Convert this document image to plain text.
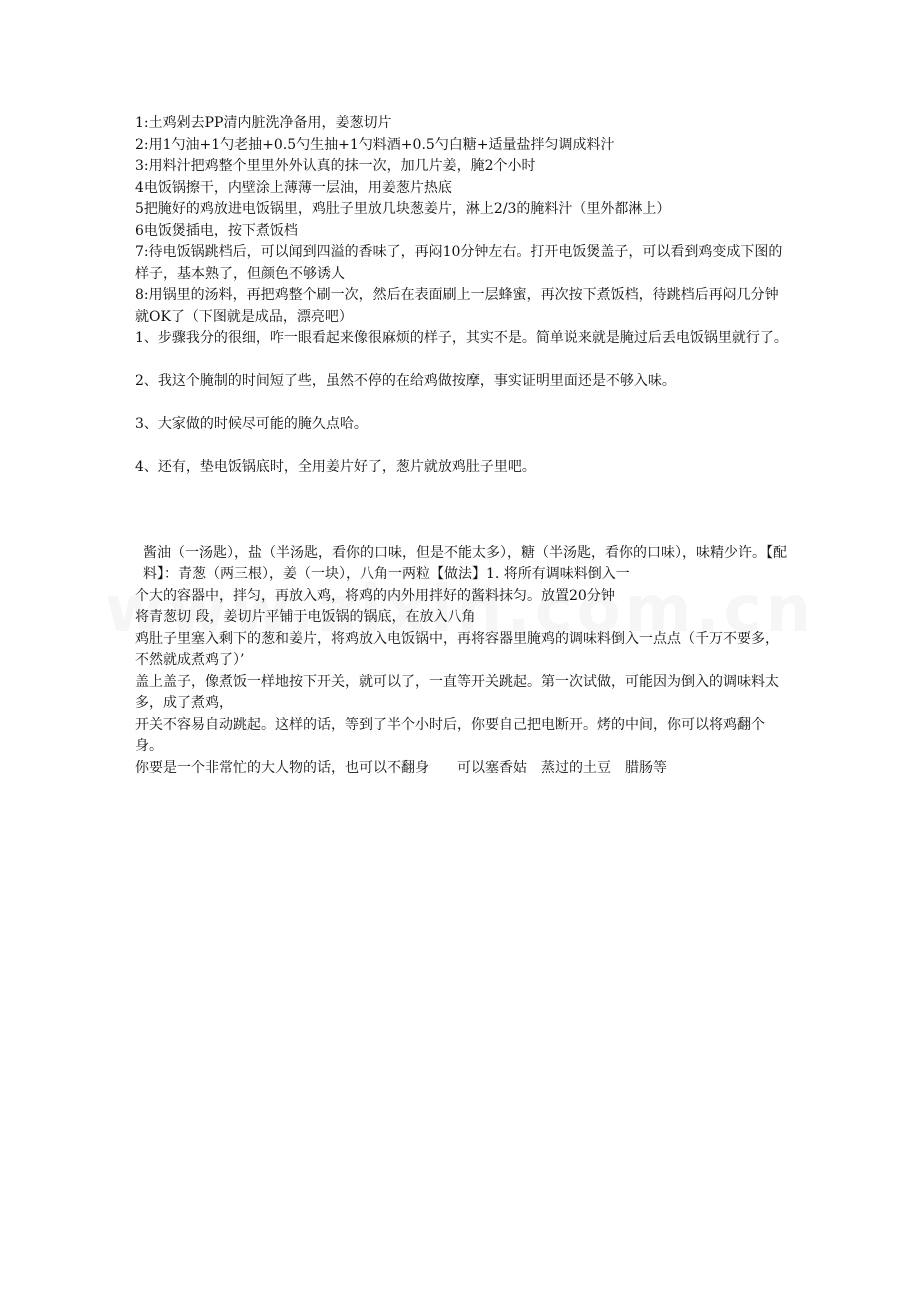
1:土鸡剁去PP清内脏洗净备用，姜葱切片

2:用1勺油+1勺老抽+0.5勺生抽+1勺料酒+0.5勺白糖+适量盐拌匀调成料汁

3:用料汁把鸡整个里里外外认真的抹一次，加几片姜，腌2个小时

4电饭锅擦干，内壁涂上薄薄一层油，用姜葱片热底

5把腌好的鸡放进电饭锅里，鸡肚子里放几块葱姜片，淋上2/3的腌料汁（里外都淋上）

6电饭煲插电，按下煮饭档

7:待电饭锅跳档后，可以闻到四溢的香味了，再闷10分钟左右。打开电饭煲盖子，可以看到鸡变成下图的样子，基本熟了，但颜色不够诱人

8:用锅里的汤料，再把鸡整个刷一次，然后在表面刷上一层蜂蜜，再次按下煮饭档，待跳档后再闷几分钟就OK了（下图就是成品，漂亮吧）

1、步骤我分的很细，咋一眼看起来像很麻烦的样子，其实不是。简单说来就是腌过后丢电饭锅里就行了。

2、我这个腌制的时间短了些，虽然不停的在给鸡做按摩，事实证明里面还是不够入味。

3、大家做的时候尽可能的腌久点哈。

4、还有，垫电饭锅底时，全用姜片好了，葱片就放鸡肚子里吧。

酱油（一汤匙），盐（半汤匙，看你的口味，但是不能太多），糖（半汤匙，看你的口味），味精少许。【配料】：青葱（两三根），姜（一块），八角一两粒【做法】1. 将所有调味料倒入一

个大的容器中，拌匀，再放入鸡，将鸡的内外用拌好的酱料抹匀。放置20分钟

将青葱切 段，姜切片平铺于电饭锅的锅底，在放入八角

鸡肚子里塞入剩下的葱和姜片，将鸡放入电饭锅中，再将容器里腌鸡的调味料倒入一点点（千万不要多，不然就成煮鸡了）’

盖上盖子，像煮饭一样地按下开关，就可以了，一直等开关跳起。第一次试做，可能因为倒入的调味料太多，成了煮鸡，

开关不容易自动跳起。这样的话，等到了半个小时后，你要自己把电断开。烤的中间，你可以将鸡翻个身。

你要是一个非常忙的大人物的话，也可以不翻身　　可以塞香姑　蒸过的土豆　腊肠等
